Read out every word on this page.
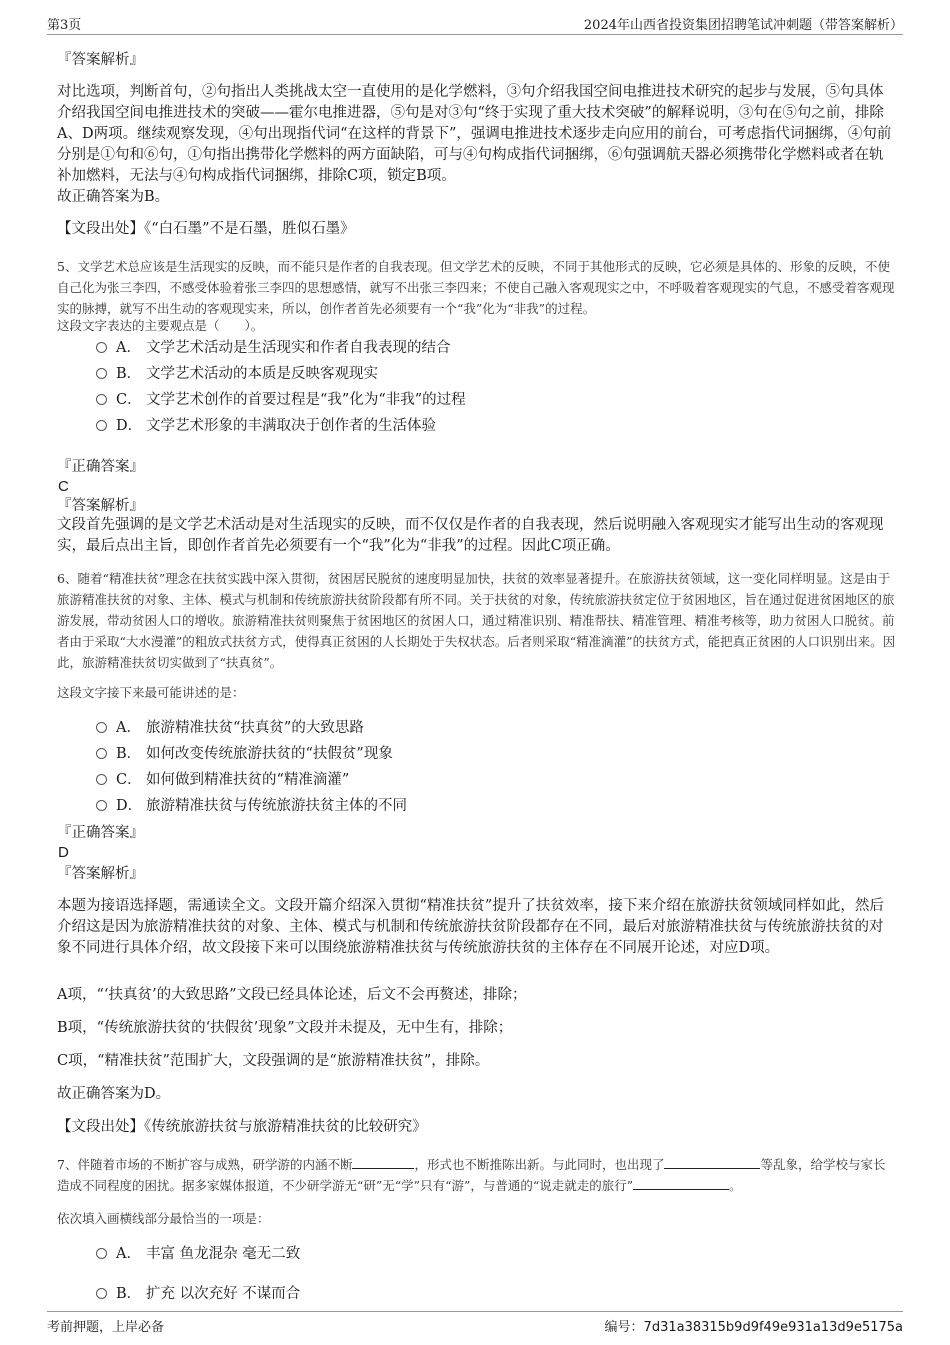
第3页	2024年山西省投资集团招聘笔试冲刺题（带答案解析）
『答案解析』
对比选项，判断首句，②句指出人类挑战太空一直使用的是化学燃料，③句介绍我国空间电推进技术研究的起步与发展，⑤句具体介绍我国空间电推进技术的突破——霍尔电推进器，⑤句是对③句“终于实现了重大技术突破”的解释说明，③句在⑤句之前，排除A、D两项。继续观察发现，④句出现指代词“在这样的背景下”，强调电推进技术逐步走向应用的前台，可考虑指代词捆绑，④句前分别是①句和⑥句，①句指出携带化学燃料的两方面缺陷，可与④句构成指代词捆绑，⑥句强调航天器必须携带化学燃料或者在轨补加燃料，无法与④句构成指代词捆绑，排除C项，锁定B项。
故正确答案为B。
【文段出处】《“白石墨”不是石墨，胜似石墨》
5、文学艺术总应该是生活现实的反映，而不能只是作者的自我表现。但文学艺术的反映，不同于其他形式的反映，它必须是具体的、形象的反映，不使自己化为张三李四，不感受体验着张三李四的思想感情，就写不出张三李四来；不使自己融入客观现实之中，不呼吸着客观现实的气息，不感受着客观现实的脉搏，就写不出生动的客观现实来，所以，创作者首先必须要有一个“我”化为“非我”的过程。
这段文字表达的主要观点是（　　）。
A． 文学艺术活动是生活现实和作者自我表现的结合
B． 文学艺术活动的本质是反映客观现实
C． 文学艺术创作的首要过程是“我”化为“非我”的过程
D． 文学艺术形象的丰满取决于创作者的生活体验
『正确答案』
C
『答案解析』
文段首先强调的是文学艺术活动是对生活现实的反映，而不仅仅是作者的自我表现，然后说明融入客观现实才能写出生动的客观现实，最后点出主旨，即创作者首先必须要有一个“我”化为“非我”的过程。因此C项正确。
6、随着“精准扶贫”理念在扶贫实践中深入贯彻，贫困居民脱贫的速度明显加快，扶贫的效率显著提升。在旅游扶贫领域，这一变化同样明显。这是由于旅游精准扶贫的对象、主体、模式与机制和传统旅游扶贫阶段都有所不同。关于扶贫的对象，传统旅游扶贫定位于贫困地区，旨在通过促进贫困地区的旅游发展，带动贫困人口的增收。旅游精准扶贫则聚焦于贫困地区的贫困人口，通过精准识别、精准帮扶、精准管理、精准考核等，助力贫困人口脱贫。前者由于采取“大水漫灌”的粗放式扶贫方式，使得真正贫困的人长期处于失权状态。后者则采取“精准滴灌”的扶贫方式，能把真正贫困的人口识别出来。因此，旅游精准扶贫切实做到了“扶真贫”。
这段文字接下来最可能讲述的是：
A． 旅游精准扶贫“扶真贫”的大致思路
B． 如何改变传统旅游扶贫的“扶假贫”现象
C． 如何做到精准扶贫的“精准滴灌”
D． 旅游精准扶贫与传统旅游扶贫主体的不同
『正确答案』
D
『答案解析』
本题为接语选择题，需通读全文。文段开篇介绍深入贯彻“精准扶贫”提升了扶贫效率，接下来介绍在旅游扶贫领域同样如此，然后介绍这是因为旅游精准扶贫的对象、主体、模式与机制和传统旅游扶贫阶段都存在不同，最后对旅游精准扶贫与传统旅游扶贫的对象不同进行具体介绍，故文段接下来可以围绕旅游精准扶贫与传统旅游扶贫的主体存在不同展开论述，对应D项。
A项，“‘扶真贫’的大致思路”文段已经具体论述，后文不会再赘述，排除；
B项，“传统旅游扶贫的‘扶假贫’现象”文段并未提及，无中生有，排除；
C项，“精准扶贫”范围扩大，文段强调的是“旅游精准扶贫”，排除。
故正确答案为D。
【文段出处】《传统旅游扶贫与旅游精准扶贫的比较研究》
7、伴随着市场的不断扩容与成熟，研学游的内涵不断	，形式也不断推陈出新。与此同时，也出现了	等乱象，给学校与家长造成不同程度的困扰。据多家媒体报道，不少研学游无“研”无“学”只有“游”，与普通的“说走就走的旅行”	。
依次填入画横线部分最恰当的一项是：
A． 丰富 鱼龙混杂 毫无二致
B． 扩充 以次充好 不谋而合
考前押题，上岸必备	编号：7d31a38315b9d9f49e931a13d9e5175a
